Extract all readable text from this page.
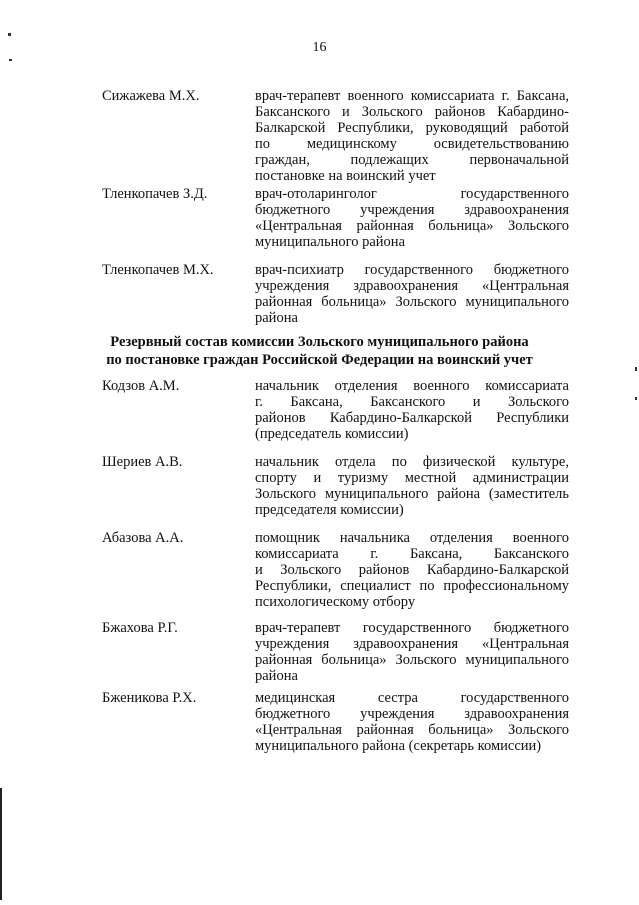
16
Сижажева М.Х.	врач-терапевт военного комиссариата г. Баксана,
Баксанского и Зольского районов Кабардино-
Балкарской Республики, руководящий работой
по медицинскому освидетельствованию
граждан, подлежащих первоначальной
постановке на воинский учет
Тленкопачев З.Д.	врач-отоларинголог государственного
бюджетного учреждения здравоохранения
«Центральная районная больница» Зольского
муниципального района
Тленкопачев М.Х.	врач-психиатр государственного бюджетного
учреждения здравоохранения «Центральная
районная больница» Зольского муниципального
района
Резервный состав комиссии Зольского муниципального района
по постановке граждан Российской Федерации на воинский учет
Кодзов А.М.	начальник отделения военного комиссариата
г. Баксана, Баксанского и Зольского
районов Кабардино-Балкарской Республики
(председатель комиссии)
Шериев А.В.	начальник отдела по физической культуре,
спорту и туризму местной администрации
Зольского муниципального района (заместитель
председателя комиссии)
Абазова А.А.	помощник начальника отделения военного
комиссариата г. Баксана, Баксанского
и Зольского районов Кабардино-Балкарской
Республики, специалист по профессиональному
психологическому отбору
Бжахова Р.Г.	врач-терапевт государственного бюджетного
учреждения здравоохранения «Центральная
районная больница» Зольского муниципального
района
Бженикова Р.Х.	медицинская сестра государственного
бюджетного учреждения здравоохранения
«Центральная районная больница» Зольского
муниципального района (секретарь комиссии)
